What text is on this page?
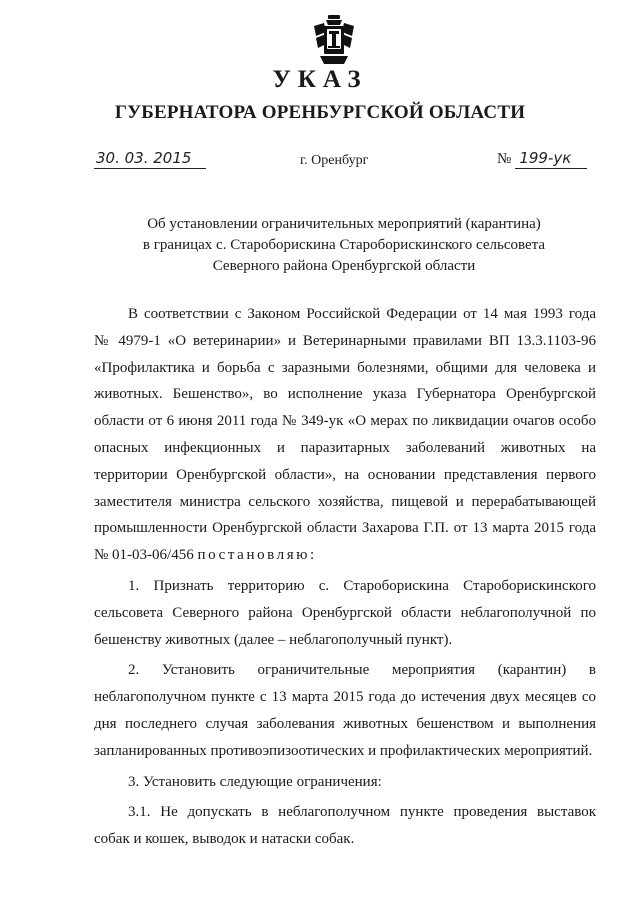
УКАЗ
ГУБЕРНАТОРА ОРЕНБУРГСКОЙ ОБЛАСТИ
30. 03. 2015	г. Оренбург	№ 199-ук
Об установлении ограничительных мероприятий (карантина)
в границах с. Староборискина Староборискинского сельсовета
Северного района Оренбургской области
В соответствии с Законом Российской Федерации от 14 мая 1993 года
№ 4979-1 «О ветеринарии» и Ветеринарными правилами ВП 13.3.1103-96
«Профилактика и борьба с заразными болезнями, общими для человека и
животных. Бешенство», во исполнение указа Губернатора Оренбургской
области от 6 июня 2011 года № 349-ук «О мерах по ликвидации очагов особо
опасных инфекционных и паразитарных заболеваний животных на
территории Оренбургской области», на основании представления первого
заместителя министра сельского хозяйства, пищевой и перерабатывающей
промышленности Оренбургской области Захарова Г.П. от 13 марта 2015 года
№ 01-03-06/456 постановляю:
1. Признать территорию с. Староборискина Староборискинского
сельсовета Северного района Оренбургской области неблагополучной по
бешенству животных (далее – неблагополучный пункт).
2. Установить ограничительные мероприятия (карантин) в
неблагополучном пункте с 13 марта 2015 года до истечения двух месяцев со
дня последнего случая заболевания животных бешенством и выполнения
запланированных противоэпизоотических и профилактических мероприятий.
3. Установить следующие ограничения:
3.1. Не допускать в неблагополучном пункте проведения выставок
собак и кошек, выводок и натаски собак.
